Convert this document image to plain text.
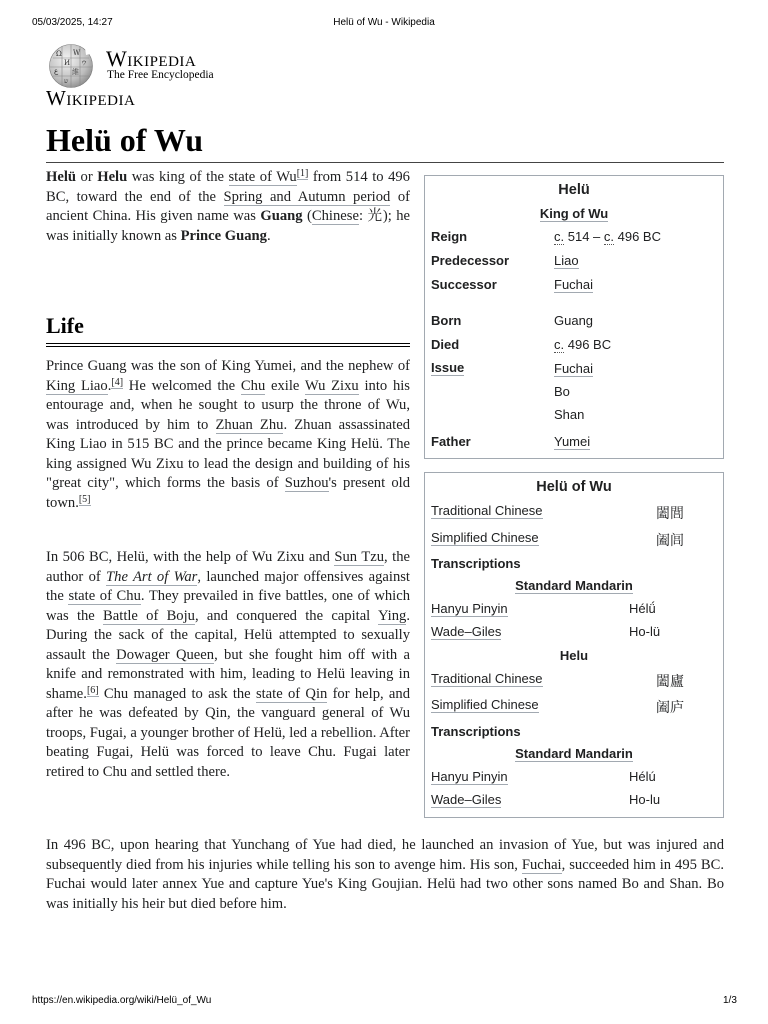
05/03/2025, 14:27	Helü of Wu - Wikipedia
https://en.wikipedia.org/wiki/Helü_of_Wu	1/3
Ω W
И ウ
ع 維
ש
Wikipedia
The Free Encyclopedia
Wikipedia
Helü of Wu

Helü or Helu was king of the state of Wu[1] from 514 to 496 BC, toward the end of the Spring and Autumn period of ancient China. His given name was Guang (Chinese: 光); he was initially known as Prince Guang.

Life

Prince Guang was the son of King Yumei, and the nephew of King Liao.[4] He welcomed the Chu exile Wu Zixu into his entourage and, when he sought to usurp the throne of Wu, was introduced by him to Zhuan Zhu. Zhuan assassinated King Liao in 515 BC and the prince became King Helü. The king assigned Wu Zixu to lead the design and building of his "great city", which forms the basis of Suzhou's present old town.[5]

In 506 BC, Helü, with the help of Wu Zixu and Sun Tzu, the author of The Art of War, launched major offensives against the state of Chu. They prevailed in five battles, one of which was the Battle of Boju, and conquered the capital Ying. During the sack of the capital, Helü attempted to sexually assault the Dowager Queen, but she fought him off with a knife and remonstrated with him, leading to Helü leaving in shame.[6] Chu managed to ask the state of Qin for help, and after he was defeated by Qin, the vanguard general of Wu troops, Fugai, a younger brother of Helü, led a rebellion. After beating Fugai, Helü was forced to leave Chu. Fugai later retired to Chu and settled there.

In 496 BC, upon hearing that Yunchang of Yue had died, he launched an invasion of Yue, but was injured and subsequently died from his injuries while telling his son to avenge him. His son, Fuchai, succeeded him in 495 BC. Fuchai would later annex Yue and capture Yue's King Goujian. Helü had two other sons named Bo and Shan. Bo was initially his heir but died before him.

Helü
King of Wu
Reign	c. 514 – c. 496 BC
Predecessor	Liao
Successor	Fuchai
Born	Guang
Died	c. 496 BC
Issue	Fuchai
Bo
Shan
Father	Yumei
Helü of Wu
Traditional Chinese	闔閭
Simplified Chinese	阖闾
Transcriptions
Standard Mandarin
Hanyu Pinyin	Hélǘ
Wade–Giles	Ho-lü
Helu
Traditional Chinese	闔廬
Simplified Chinese	阖庐
Transcriptions
Standard Mandarin
Hanyu Pinyin	Hélú
Wade–Giles	Ho-lu
